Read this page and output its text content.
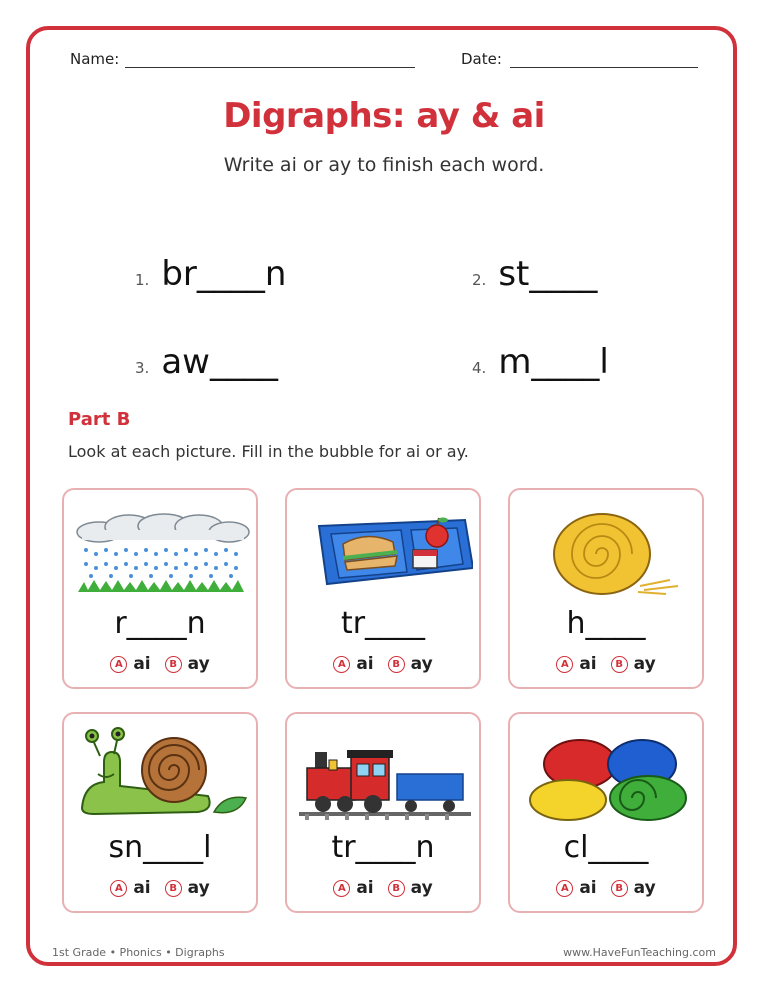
Name:	Date:
Digraphs: ay & ai
Write ai or ay to finish each word.
1. br____n	2. st____
3. aw____	4. m____l
Part B
Look at each picture. Fill in the bubble for ai or ay.
r____n
A ai	B ay
tr____
A ai	B ay
h____
A ai	B ay
sn____l
A ai	B ay
tr____n
A ai	B ay
cl____
A ai	B ay
1st Grade • Phonics • Digraphs	www.HaveFunTeaching.com
